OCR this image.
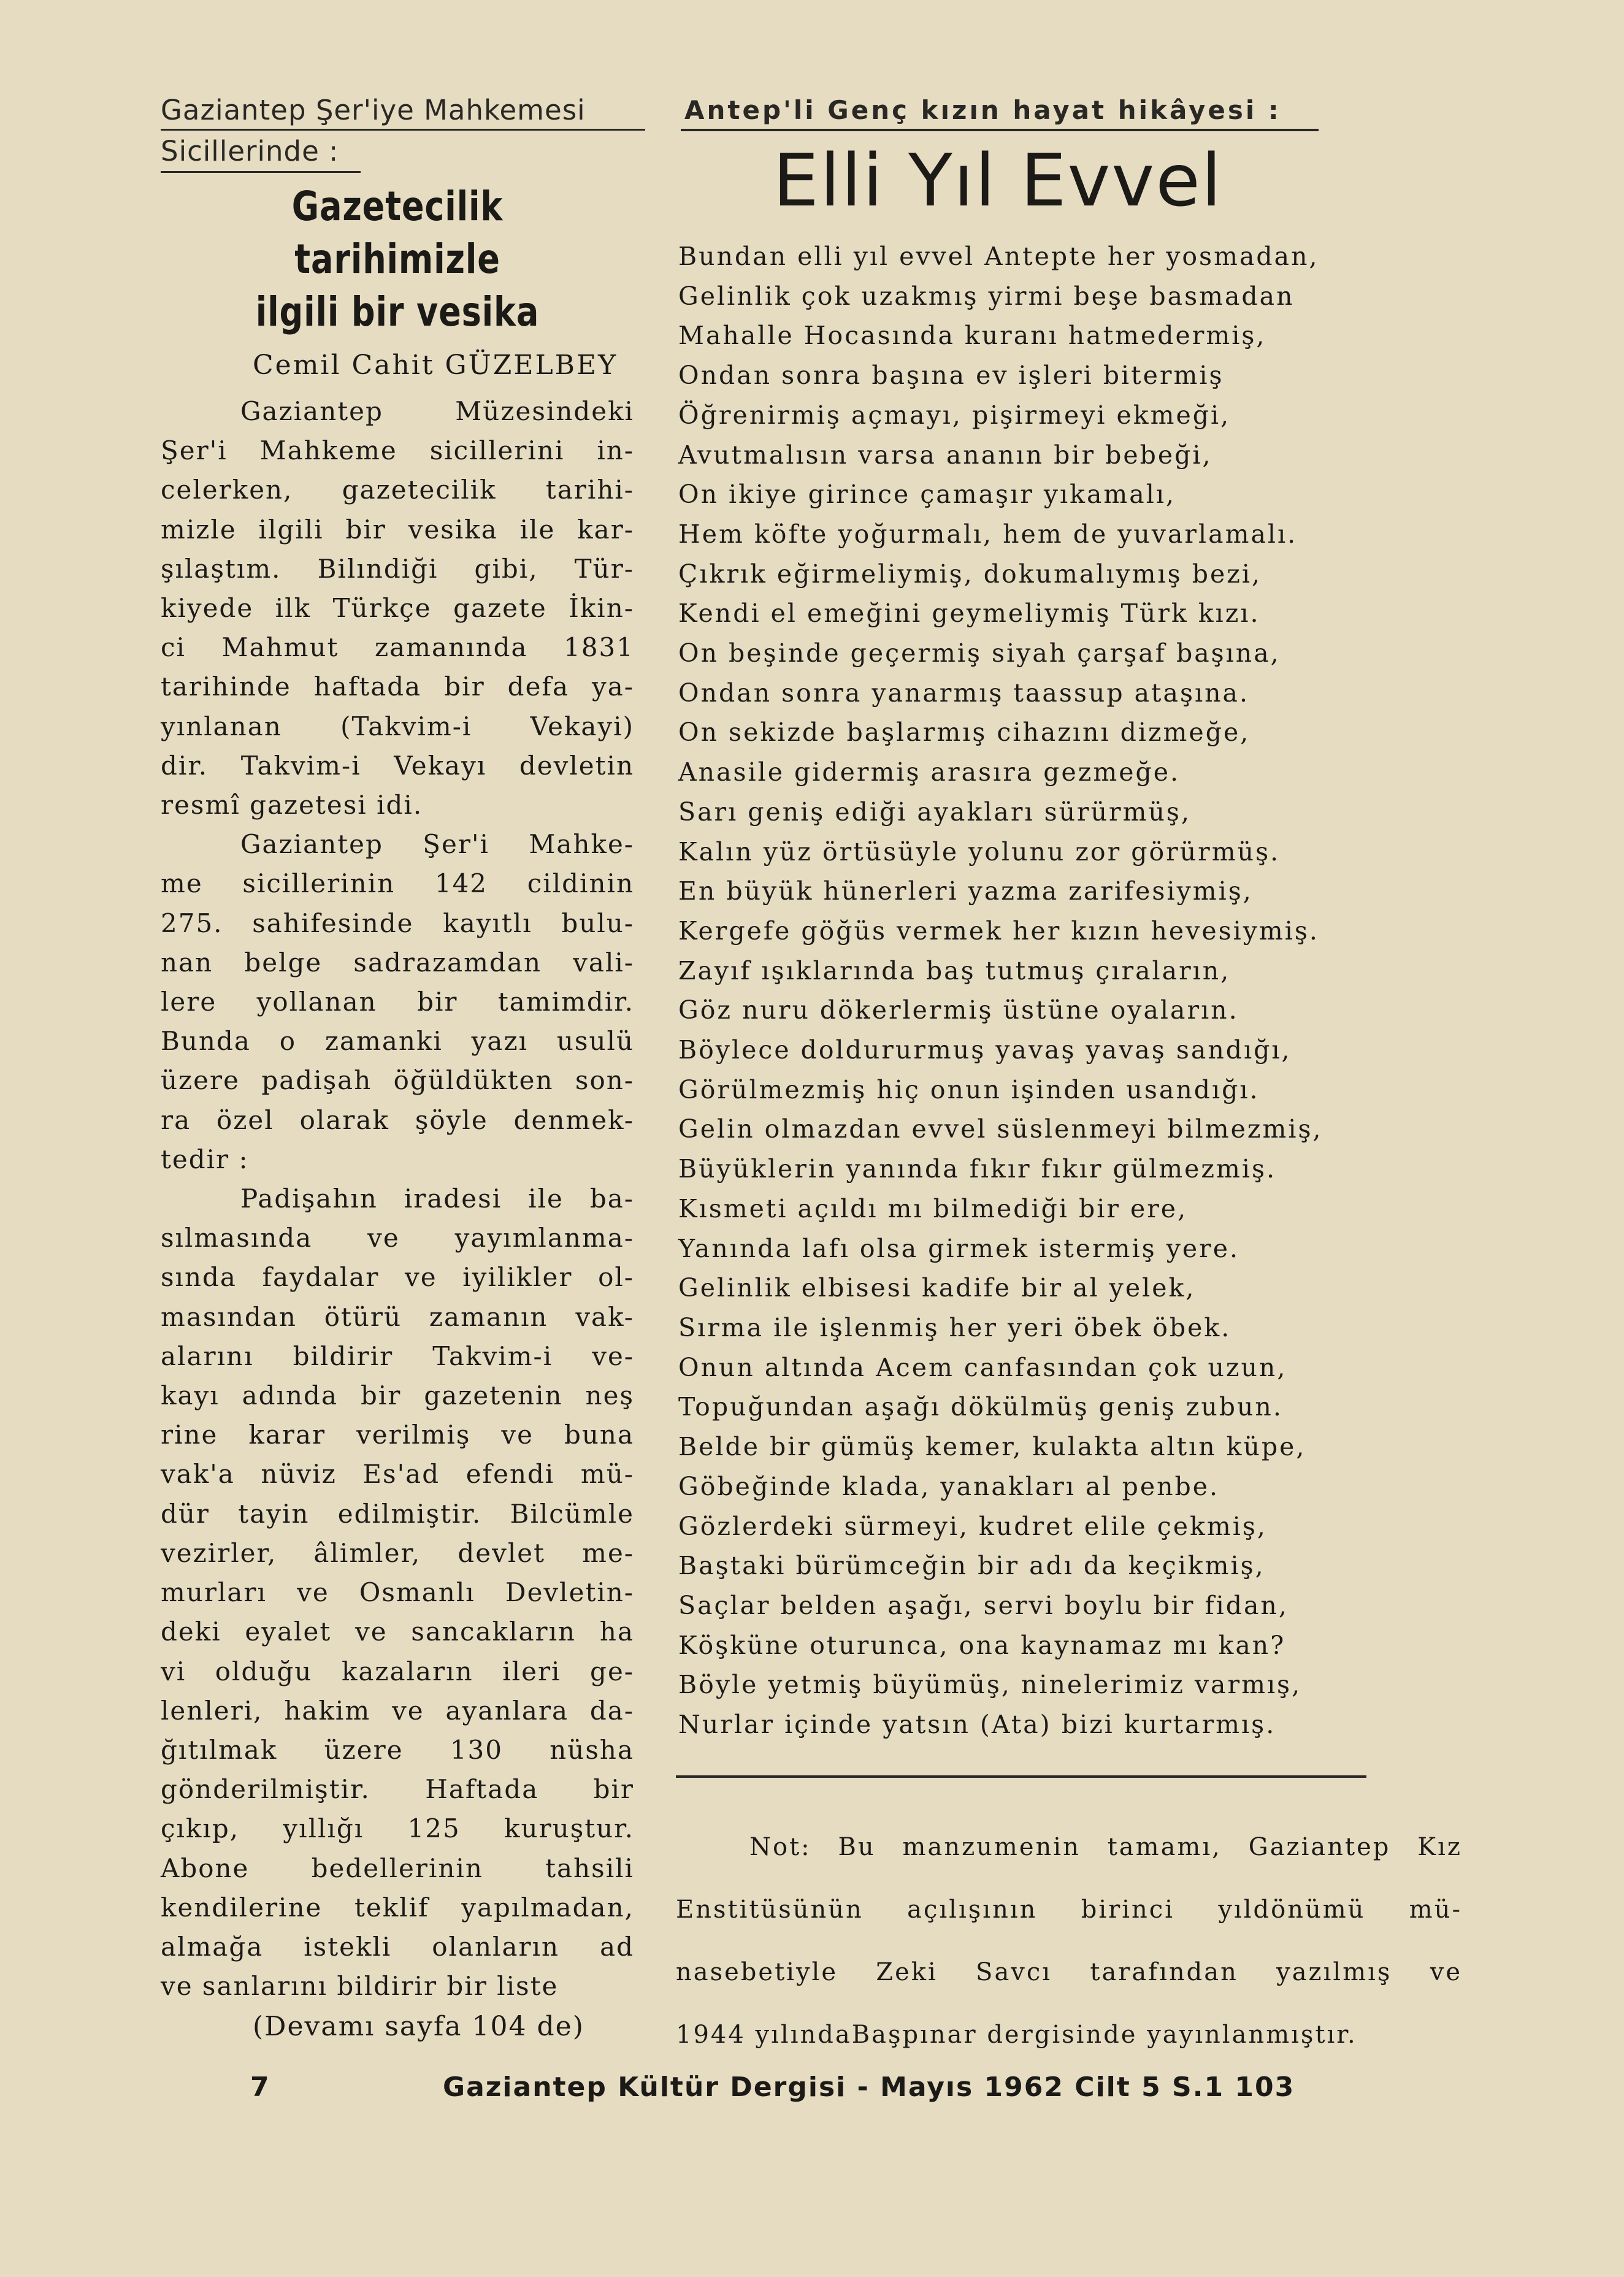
Gaziantep Şer'iye Mahkemesi
Sicillerinde :
Gazetecilik tarihimizle
ilgili bir vesika
Cemil Cahit GÜZELBEY
Gaziantep Müzesindeki
Şer'i Mahkeme sicillerini in-
celerken, gazetecilik tarihi-
mizle ilgili bir vesika ile kar-
şılaştım. Bilındiği gibi, Tür-
kiyede ilk Türkçe gazete İkin-
ci Mahmut zamanında 1831
tarihinde haftada bir defa ya-
yınlanan (Takvim-i Vekayi)
dir. Takvim-i Vekayı devletin
resmî gazetesi idi.
Gaziantep Şer'i Mahke-
me sicillerinin 142 cildinin
275. sahifesinde kayıtlı bulu-
nan belge sadrazamdan vali-
lere yollanan bir tamimdir.
Bunda o zamanki yazı usulü
üzere padişah öğüldükten son-
ra özel olarak şöyle denmek-
tedir :
Padişahın iradesi ile ba-
sılmasında ve yayımlanma-
sında faydalar ve iyilikler ol-
masından ötürü zamanın vak-
alarını bildirir Takvim-i ve-
kayı adında bir gazetenin neş
rine karar verilmiş ve buna
vak'a nüviz Es'ad efendi mü-
dür tayin edilmiştir. Bilcümle
vezirler, âlimler, devlet me-
murları ve Osmanlı Devletin-
deki eyalet ve sancakların ha
vi olduğu kazaların ileri ge-
lenleri, hakim ve ayanlara da-
ğıtılmak üzere 130 nüsha
gönderilmiştir. Haftada bir
çıkıp, yıllığı 125 kuruştur.
Abone bedellerinin tahsili
kendilerine teklif yapılmadan,
almağa istekli olanların ad
ve sanlarını bildirir bir liste
(Devamı sayfa 104 de)
Antep'li Genç kızın hayat hikâyesi :
Elli Yıl Evvel
Bundan elli yıl evvel Antepte her yosmadan,
Gelinlik çok uzakmış yirmi beşe basmadan
Mahalle Hocasında kuranı hatmedermiş,
Ondan sonra başına ev işleri bitermiş
Öğrenirmiş açmayı, pişirmeyi ekmeği,
Avutmalısın varsa ananın bir bebeği,
On ikiye girince çamaşır yıkamalı,
Hem köfte yoğurmalı, hem de yuvarlamalı.
Çıkrık eğirmeliymiş, dokumalıymış bezi,
Kendi el emeğini geymeliymiş Türk kızı.
On beşinde geçermiş siyah çarşaf başına,
Ondan sonra yanarmış taassup ataşına.
On sekizde başlarmış cihazını dizmeğe,
Anasile gidermiş arasıra gezmeğe.
Sarı geniş ediği ayakları sürürmüş,
Kalın yüz örtüsüyle yolunu zor görürmüş.
En büyük hünerleri yazma zarifesiymiş,
Kergefe göğüs vermek her kızın hevesiymiş.
Zayıf ışıklarında baş tutmuş çıraların,
Göz nuru dökerlermiş üstüne oyaların.
Böylece doldururmuş yavaş yavaş sandığı,
Görülmezmiş hiç onun işinden usandığı.
Gelin olmazdan evvel süslenmeyi bilmezmiş,
Büyüklerin yanında fıkır fıkır gülmezmiş.
Kısmeti açıldı mı bilmediği bir ere,
Yanında lafı olsa girmek istermiş yere.
Gelinlik elbisesi kadife bir al yelek,
Sırma ile işlenmiş her yeri öbek öbek.
Onun altında Acem canfasından çok uzun,
Topuğundan aşağı dökülmüş geniş zubun.
Belde bir gümüş kemer, kulakta altın küpe,
Göbeğinde klada, yanakları al penbe.
Gözlerdeki sürmeyi, kudret elile çekmiş,
Baştaki bürümceğin bir adı da keçikmiş,
Saçlar belden aşağı, servi boylu bir fidan,
Köşküne oturunca, ona kaynamaz mı kan?
Böyle yetmiş büyümüş, ninelerimiz varmış,
Nurlar içinde yatsın (Ata) bizi kurtarmış.
Not: Bu manzumenin tamamı, Gaziantep Kız
Enstitüsünün açılışının birinci yıldönümü mü-
nasebetiyle Zeki Savcı tarafından yazılmış ve
1944 yılındaBaşpınar dergisinde yayınlanmıştır.
7	Gaziantep Kültür Dergisi - Mayıs 1962 Cilt 5 S.1 103
